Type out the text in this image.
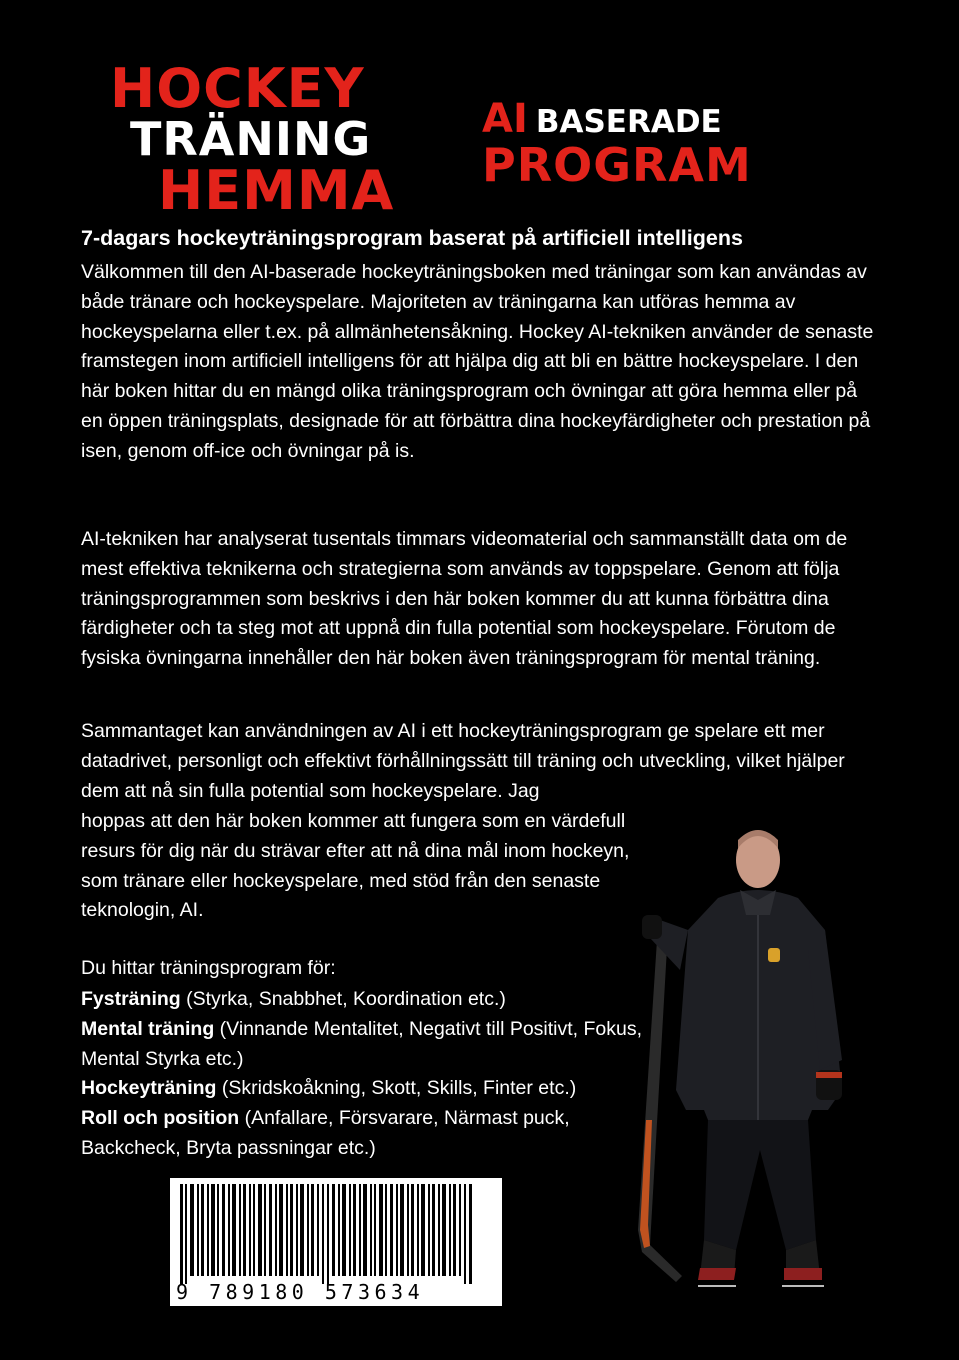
HOCKEY
TRÄNING
HEMMA
AI BASERADE
PROGRAM
7-dagars hockeyträningsprogram baserat på artificiell intelligens

Välkommen till den AI-baserade hockeyträningsboken med träningar som kan användas av både tränare och hockeyspelare. Majoriteten av träningarna kan utföras hemma av hockeyspelarna eller t.ex. på allmänhetensåkning. Hockey AI-tekniken använder de senaste framstegen inom artificiell intelligens för att hjälpa dig att bli en bättre hockeyspelare. I den här boken hittar du en mängd olika träningsprogram och övningar att göra hemma eller på en öppen träningsplats, designade för att förbättra dina hockeyfärdigheter och prestation på isen, genom off-ice och övningar på is.

AI-tekniken har analyserat tusentals timmars videomaterial och sammanställt data om de mest effektiva teknikerna och strategierna som används av toppspelare. Genom att följa träningsprogrammen som beskrivs i den här boken kommer du att kunna förbättra dina färdigheter och ta steg mot att uppnå din fulla potential som hockeyspelare. Förutom de fysiska övningarna innehåller den här boken även träningsprogram för mental träning.

Sammantaget kan användningen av AI i ett hockeyträningsprogram ge spelare ett mer datadrivet, personligt och effektivt förhållningssätt till träning och utveckling, vilket hjälper dem att nå sin fulla potential som hockeyspelare. Jag

hoppas att den här boken kommer att fungera som en värdefull resurs för dig när du strävar efter att nå dina mål inom hockeyn, som tränare eller hockeyspelare, med stöd från den senaste teknologin, AI.

Du hittar träningsprogram för:
Fysträning (Styrka, Snabbhet, Koordination etc.)
Mental träning (Vinnande Mentalitet, Negativt till Positivt, Fokus, Mental Styrka etc.)
Hockeyträning (Skridskoåkning, Skott, Skills, Finter etc.)
Roll och position (Anfallare, Försvarare, Närmast puck, Backcheck, Bryta passningar etc.)
9 789180 573634
